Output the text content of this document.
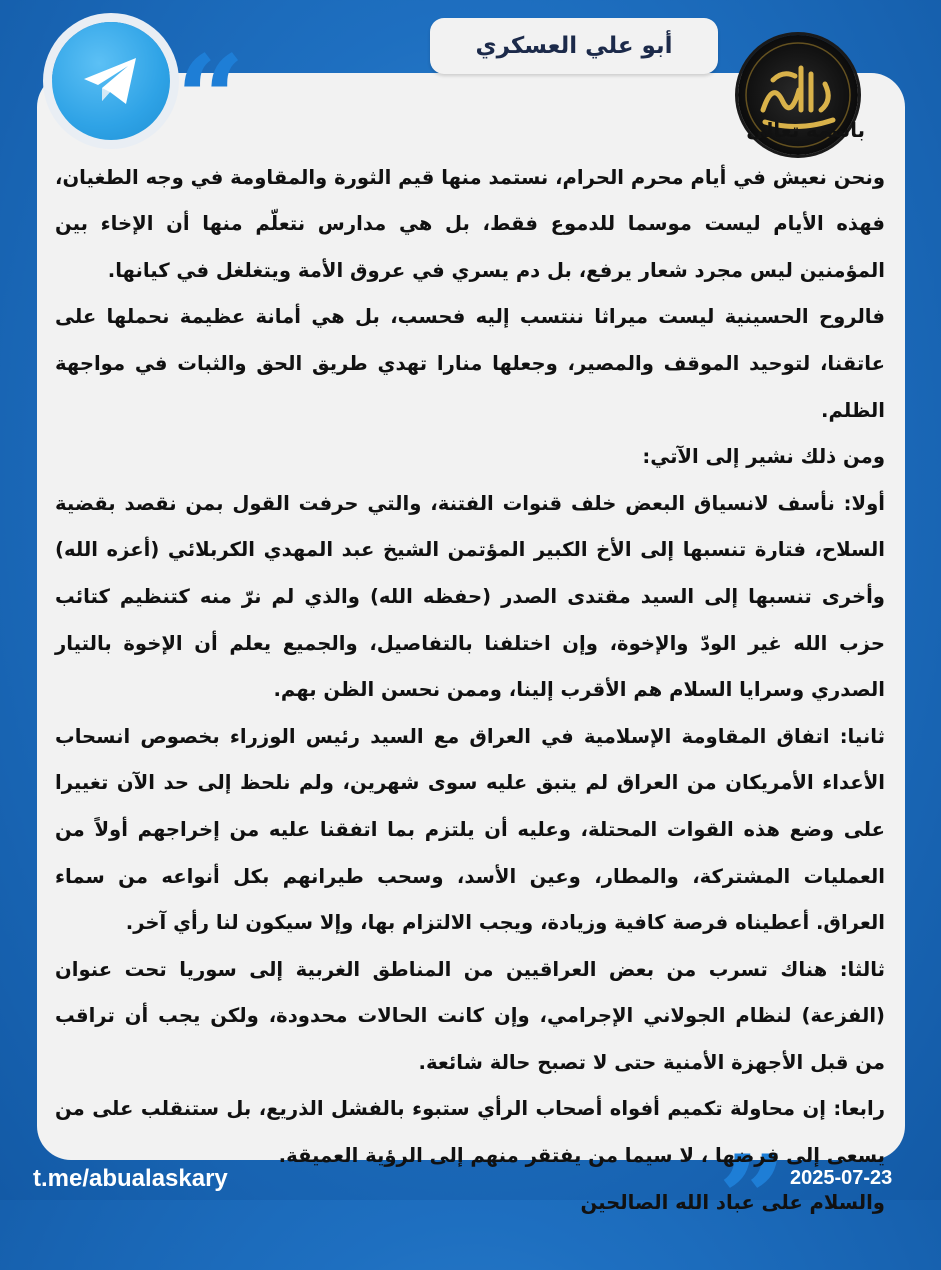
أبو علي العسكري
“
”

باسمه تعالى

ونحن نعيش في أيام محرم الحرام، نستمد منها قيم الثورة والمقاومة في وجه الطغيان، فهذه الأيام ليست موسما للدموع فقط، بل هي مدارس نتعلّم منها أن الإخاء بين المؤمنين ليس مجرد شعار يرفع، بل دم يسري في عروق الأمة ويتغلغل في كيانها.

فالروح الحسينية ليست ميراثا ننتسب إليه فحسب، بل هي أمانة عظيمة نحملها على عاتقنا، لتوحيد الموقف والمصير، وجعلها منارا تهدي طريق الحق والثبات في مواجهة الظلم.

ومن ذلك نشير إلى الآتي:

أولا: نأسف لانسياق البعض خلف قنوات الفتنة، والتي حرفت القول بمن نقصد بقضية السلاح، فتارة تنسبها إلى الأخ الكبير المؤتمن الشيخ عبد المهدي الكربلائي (أعزه الله) وأخرى تنسبها إلى السيد مقتدى الصدر (حفظه الله) والذي لم نرّ منه كتنظيم كتائب حزب الله غير الودّ والإخوة، وإن اختلفنا بالتفاصيل، والجميع يعلم أن الإخوة بالتيار الصدري وسرايا السلام هم الأقرب إلينا، وممن نحسن الظن بهم.

ثانيا: اتفاق المقاومة الإسلامية في العراق مع السيد رئيس الوزراء بخصوص انسحاب الأعداء الأمريكان من العراق لم يتبق عليه سوى شهرين، ولم نلحظ إلى حد الآن تغييرا على وضع هذه القوات المحتلة، وعليه أن يلتزم بما اتفقنا عليه من إخراجهم أولاً من العمليات المشتركة، والمطار، وعين الأسد، وسحب طيرانهم بكل أنواعه من سماء العراق. أعطيناه فرصة كافية وزيادة، ويجب الالتزام بها، وإلا سيكون لنا رأي آخر.

ثالثا: هناك تسرب من بعض العراقيين من المناطق الغربية إلى سوريا تحت عنوان (الفزعة) لنظام الجولاني الإجرامي، وإن كانت الحالات محدودة، ولكن يجب أن تراقب من قبل الأجهزة الأمنية حتى لا تصبح حالة شائعة.

رابعا: إن محاولة تكميم أفواه أصحاب الرأي ستبوء بالفشل الذريع، بل ستنقلب على من يسعى إلى فرضها ، لا سيما من يفتقر منهم إلى الرؤية العميقة.

والسلام على عباد الله الصالحين

t.me/abualaskary	2025-07-23
